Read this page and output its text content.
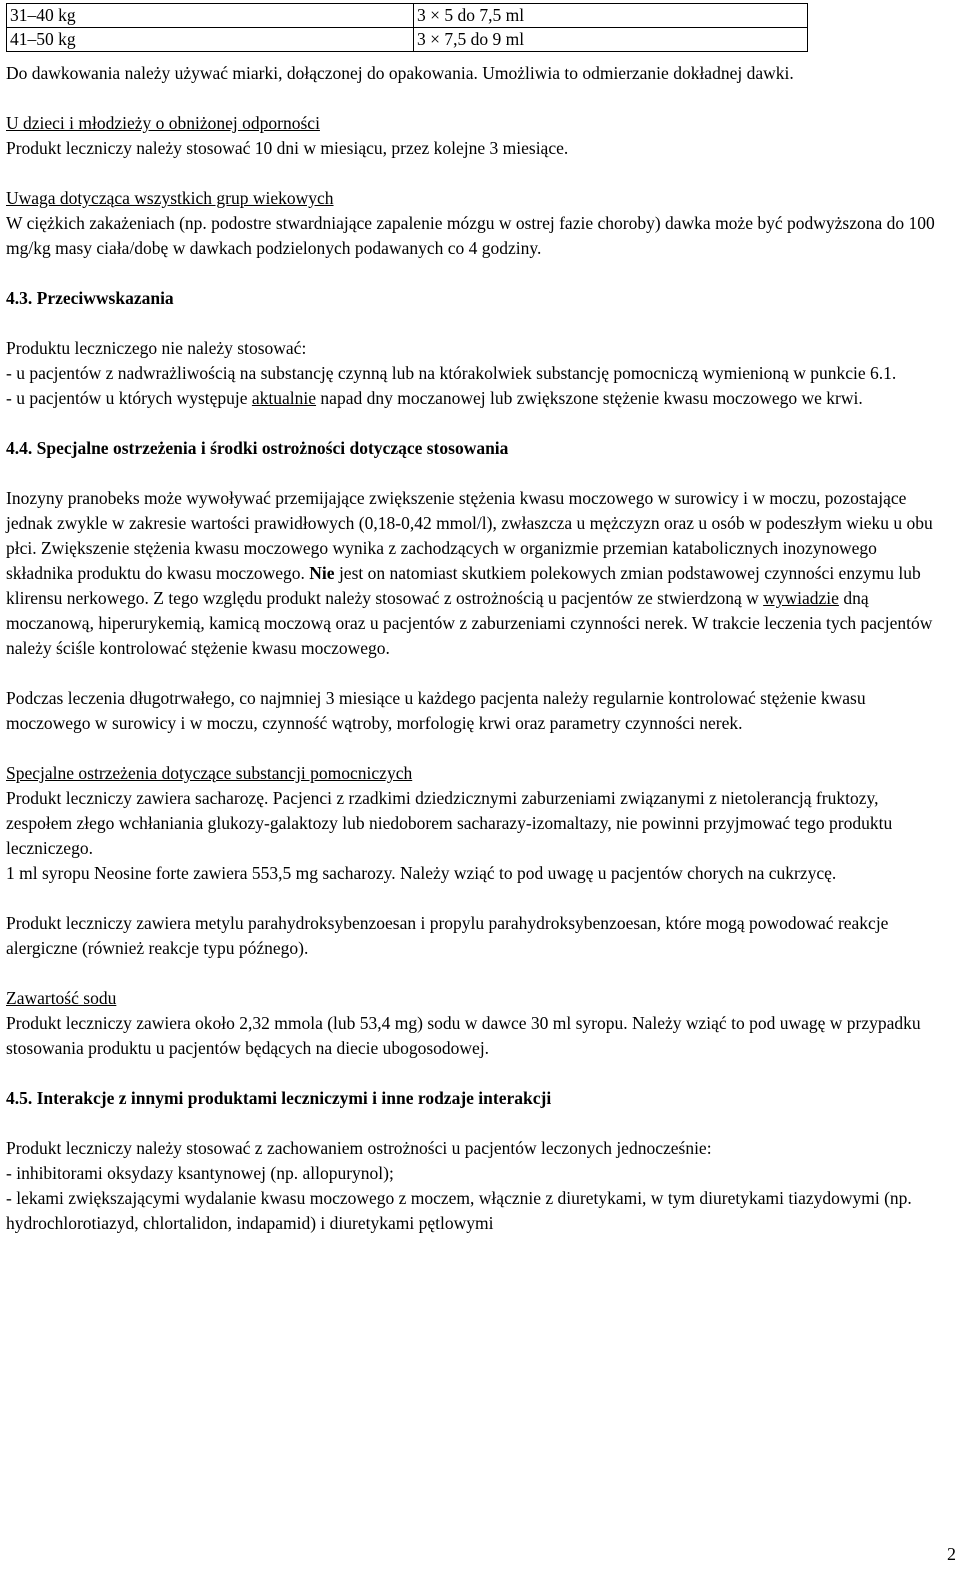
31–40 kg	3 × 5 do 7,5 ml
41–50 kg	3 × 7,5 do 9 ml

Do dawkowania należy używać miarki, dołączonej do opakowania. Umożliwia to odmierzanie dokładnej dawki.

U dzieci i młodzieży o obniżonej odporności

Produkt leczniczy należy stosować 10 dni w miesiącu, przez kolejne 3 miesiące.

Uwaga dotycząca wszystkich grup wiekowych

W ciężkich zakażeniach (np. podostre stwardniające zapalenie mózgu w ostrej fazie choroby) dawka może być podwyższona do 100 mg/kg masy ciała/dobę w dawkach podzielonych podawanych co 4 godziny.

4.3. Przeciwwskazania

Produktu leczniczego nie należy stosować:

- u pacjentów z nadwrażliwością na substancję czynną lub na którakolwiek substancję pomocniczą wymienioną w punkcie 6.1.

- u pacjentów u których występuje aktualnie napad dny moczanowej lub zwiększone stężenie kwasu moczowego we krwi.

4.4. Specjalne ostrzeżenia i środki ostrożności dotyczące stosowania

Inozyny pranobeks może wywoływać przemijające zwiększenie stężenia kwasu moczowego w surowicy i w moczu, pozostające jednak zwykle w zakresie wartości prawidłowych (0,18-0,42 mmol/l), zwłaszcza u mężczyzn oraz u osób w podeszłym wieku u obu płci. Zwiększenie stężenia kwasu moczowego wynika z zachodzących w organizmie przemian katabolicznych inozynowego składnika produktu do kwasu moczowego. Nie jest on natomiast skutkiem polekowych zmian podstawowej czynności enzymu lub klirensu nerkowego. Z tego względu produkt należy stosować z ostrożnością u pacjentów ze stwierdzoną w wywiadzie dną moczanową, hiperurykemią, kamicą moczową oraz u pacjentów z zaburzeniami czynności nerek. W trakcie leczenia tych pacjentów należy ściśle kontrolować stężenie kwasu moczowego.

Podczas leczenia długotrwałego, co najmniej 3 miesiące u każdego pacjenta należy regularnie kontrolować stężenie kwasu moczowego w surowicy i w moczu, czynność wątroby, morfologię krwi oraz parametry czynności nerek.

Specjalne ostrzeżenia dotyczące substancji pomocniczych

Produkt leczniczy zawiera sacharozę. Pacjenci z rzadkimi dziedzicznymi zaburzeniami związanymi z nietolerancją fruktozy, zespołem złego wchłaniania glukozy-galaktozy lub niedoborem sacharazy-izomaltazy, nie powinni przyjmować tego produktu leczniczego.

1 ml syropu Neosine forte zawiera 553,5 mg sacharozy. Należy wziąć to pod uwagę u pacjentów chorych na cukrzycę.

Produkt leczniczy zawiera metylu parahydroksybenzoesan i propylu parahydroksybenzoesan, które mogą powodować reakcje alergiczne (również reakcje typu późnego).

Zawartość sodu

Produkt leczniczy zawiera około 2,32 mmola (lub 53,4 mg) sodu w dawce 30 ml syropu. Należy wziąć to pod uwagę w przypadku stosowania produktu u pacjentów będących na diecie ubogosodowej.

4.5. Interakcje z innymi produktami leczniczymi i inne rodzaje interakcji

Produkt leczniczy należy stosować z zachowaniem ostrożności u pacjentów leczonych jednocześnie:

- inhibitorami oksydazy ksantynowej (np. allopurynol);

- lekami zwiększającymi wydalanie kwasu moczowego z moczem, włącznie z diuretykami, w tym diuretykami tiazydowymi (np. hydrochlorotiazyd, chlortalidon, indapamid) i diuretykami pętlowymi

2
